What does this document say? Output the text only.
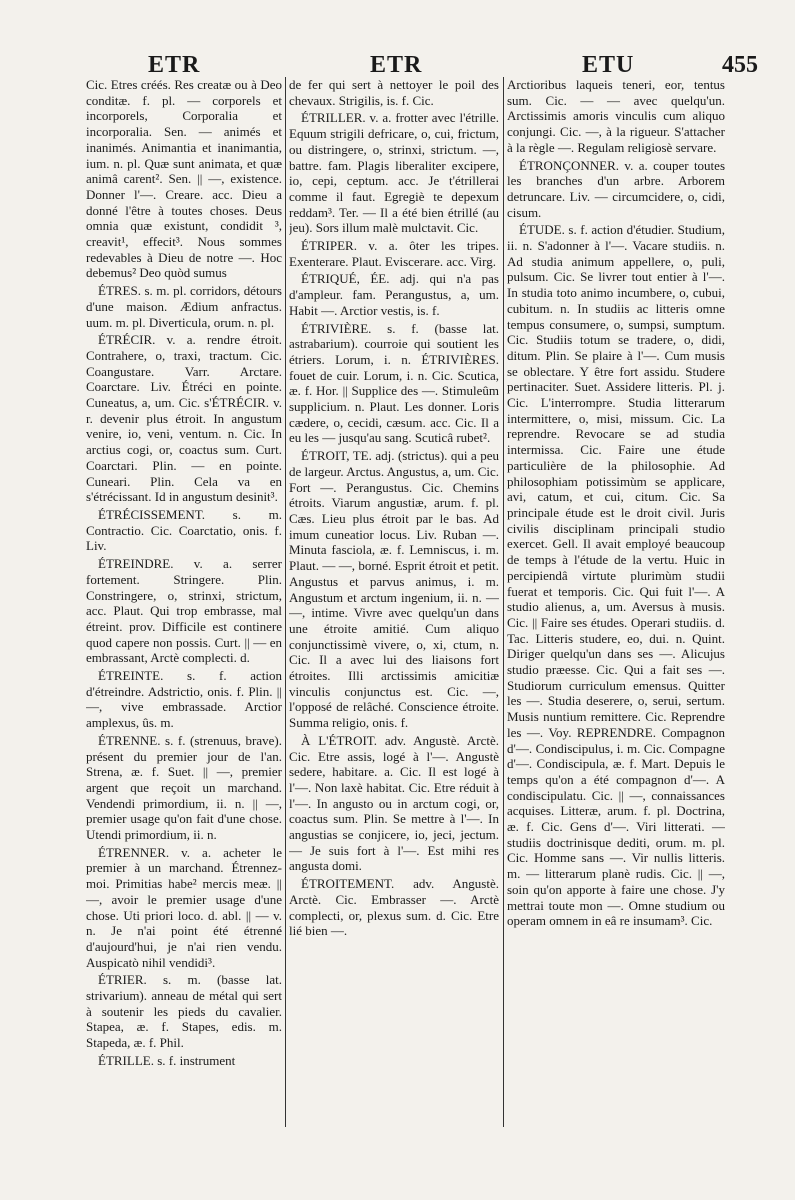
ETR	ETR	ETU	455

Cic. Etres créés. Res creatæ ou à Deo conditæ. f. pl. — corporels et incorporels, Corporalia et incorporalia. Sen. — animés et inanimés. Animantia et inanimantia, ium. n. pl. Quæ sunt animata, et quæ animâ carent². Sen. || —, existence. Donner l'—. Creare. acc. Dieu a donné l'être à toutes choses. Deus omnia quæ existunt, condidit ³, creavit¹, effecit³. Nous sommes redevables à Dieu de notre —. Hoc debemus² Deo quòd sumus

ÉTRES. s. m. pl. corridors, détours d'une maison. Ædium anfractus. uum. m. pl. Diverticula, orum. n. pl.

ÉTRÉCIR. v. a. rendre étroit. Contrahere, o, traxi, tractum. Cic. Coangustare. Varr. Arctare. Coarctare. Liv. Étréci en pointe. Cuneatus, a, um. Cic. s'ÉTRÉCIR. v. r. devenir plus étroit. In angustum venire, io, veni, ventum. n. Cic. In arctius cogi, or, coactus sum. Curt. Coarctari. Plin. — en pointe. Cuneari. Plin. Cela va en s'étrécissant. Id in angustum desinit³.

ÉTRÉCISSEMENT. s. m. Contractio. Cic. Coarctatio, onis. f. Liv.

ÉTREINDRE. v. a. serrer fortement. Stringere. Plin. Constringere, o, strinxi, strictum, acc. Plaut. Qui trop embrasse, mal étreint. prov. Difficile est continere quod capere non possis. Curt. || — en embrassant, Arctè complecti. d.

ÉTREINTE. s. f. action d'étreindre. Adstrictio, onis. f. Plin. || —, vive embrassade. Arctior amplexus, ûs. m.

ÉTRENNE. s. f. (strenuus, brave). présent du premier jour de l'an. Strena, æ. f. Suet. || —, premier argent que reçoit un marchand. Vendendi primordium, ii. n. || —, premier usage qu'on fait d'une chose. Utendi primordium, ii. n.

ÉTRENNER. v. a. acheter le premier à un marchand. Étrennez-moi. Primitias habe² mercis meæ. || —, avoir le premier usage d'une chose. Uti priori loco. d. abl. || — v. n. Je n'ai point été étrenné d'aujourd'hui, je n'ai rien vendu. Auspicatò nihil vendidi³.

ÉTRIER. s. m. (basse lat. strivarium). anneau de métal qui sert à soutenir les pieds du cavalier. Stapea, æ. f. Stapes, edis. m. Stapeda, æ. f. Phil.

ÉTRILLE. s. f. instrument

de fer qui sert à nettoyer le poil des chevaux. Strigilis, is. f. Cic.

ÉTRILLER. v. a. frotter avec l'étrille. Equum strigili defricare, o, cui, frictum, ou distringere, o, strinxi, strictum. —, battre. fam. Plagis liberaliter excipere, io, cepi, ceptum. acc. Je t'étrillerai comme il faut. Egregiè te depexum reddam³. Ter. — Il a été bien étrillé (au jeu). Sors illum malè mulctavit. Cic.

ÉTRIPER. v. a. ôter les tripes. Exenterare. Plaut. Eviscerare. acc. Virg.

ÉTRIQUÉ, ÉE. adj. qui n'a pas d'ampleur. fam. Perangustus, a, um. Habit —. Arctior vestis, is. f.

ÉTRIVIÈRE. s. f. (basse lat. astrabarium). courroie qui soutient les étriers. Lorum, i. n. ÉTRIVIÈRES. fouet de cuir. Lorum, i. n. Cic. Scutica, æ. f. Hor. || Supplice des —. Stimuleûm supplicium. n. Plaut. Les donner. Loris cædere, o, cecidi, cæsum. acc. Cic. Il a eu les — jusqu'au sang. Scuticâ rubet².

ÉTROIT, TE. adj. (strictus). qui a peu de largeur. Arctus. Angustus, a, um. Cic. Fort —. Perangustus. Cic. Chemins étroits. Viarum angustiæ, arum. f. pl. Cæs. Lieu plus étroit par le bas. Ad imum cuneatior locus. Liv. Ruban —. Minuta fasciola, æ. f. Lemniscus, i. m. Plaut. — —, borné. Esprit étroit et petit. Angustus et parvus animus, i. m. Angustum et arctum ingenium, ii. n. — —, intime. Vivre avec quelqu'un dans une étroite amitié. Cum aliquo conjunctissimè vivere, o, xi, ctum, n. Cic. Il a avec lui des liaisons fort étroites. Illi arctissimis amicitiæ vinculis conjunctus est. Cic. —, l'opposé de relâché. Conscience étroite. Summa religio, onis. f.

À L'ÉTROIT. adv. Angustè. Arctè. Cic. Etre assis, logé à l'—. Angustè sedere, habitare. a. Cic. Il est logé à l'—. Non laxè habitat. Cic. Etre réduit à l'—. In angusto ou in arctum cogi, or, coactus sum. Plin. Se mettre à l'—. In angustias se conjicere, io, jeci, jectum. — Je suis fort à l'—. Est mihi res angusta domi.

ÉTROITEMENT. adv. Angustè. Arctè. Cic. Embrasser —. Arctè complecti, or, plexus sum. d. Cic. Etre lié bien —.

Arctioribus laqueis teneri, eor, tentus sum. Cic. — — avec quelqu'un. Arctissimis amoris vinculis cum aliquo conjungi. Cic. —, à la rigueur. S'attacher à la règle —. Regulam religiosè servare.

ÉTRONÇONNER. v. a. couper toutes les branches d'un arbre. Arborem detruncare. Liv. — circumcidere, o, cidi, cisum.

ÉTUDE. s. f. action d'étudier. Studium, ii. n. S'adonner à l'—. Vacare studiis. n. Ad studia animum appellere, o, puli, pulsum. Cic. Se livrer tout entier à l'—. In studia toto animo incumbere, o, cubui, cubitum. n. In studiis ac litteris omne tempus consumere, o, sumpsi, sumptum. Cic. Studiis totum se tradere, o, didi, ditum. Plin. Se plaire à l'—. Cum musis se oblectare. Y être fort assidu. Studere pertinaciter. Suet. Assidere litteris. Pl. j. Cic. L'interrompre. Studia litterarum intermittere, o, misi, missum. Cic. La reprendre. Revocare se ad studia intermissa. Cic. Faire une étude particulière de la philosophie. Ad philosophiam potissimùm se applicare, avi, catum, et cui, citum. Cic. Sa principale étude est le droit civil. Juris civilis disciplinam principali studio exercet. Gell. Il avait employé beaucoup de temps à l'étude de la vertu. Huic in percipiendâ virtute plurimùm studii fuerat et temporis. Cic. Qui fuit l'—. A studio alienus, a, um. Aversus à musis. Cic. || Faire ses études. Operari studiis. d. Tac. Litteris studere, eo, dui. n. Quint. Diriger quelqu'un dans ses —. Alicujus studio præesse. Cic. Qui a fait ses —. Studiorum curriculum emensus. Quitter les —. Studia deserere, o, serui, sertum. Musis nuntium remittere. Cic. Reprendre les —. Voy. REPRENDRE. Compagnon d'—. Condiscipulus, i. m. Cic. Compagne d'—. Condiscipula, æ. f. Mart. Depuis le temps qu'on a été compagnon d'—. A condiscipulatu. Cic. || —, connaissances acquises. Litteræ, arum. f. pl. Doctrina, æ. f. Cic. Gens d'—. Viri litterati. — studiis doctrinisque dediti, orum. m. pl. Cic. Homme sans —. Vir nullis litteris. m. — litterarum planè rudis. Cic. || —, soin qu'on apporte à faire une chose. J'y mettrai toute mon —. Omne studium ou operam omnem in eâ re insumam³. Cic.
